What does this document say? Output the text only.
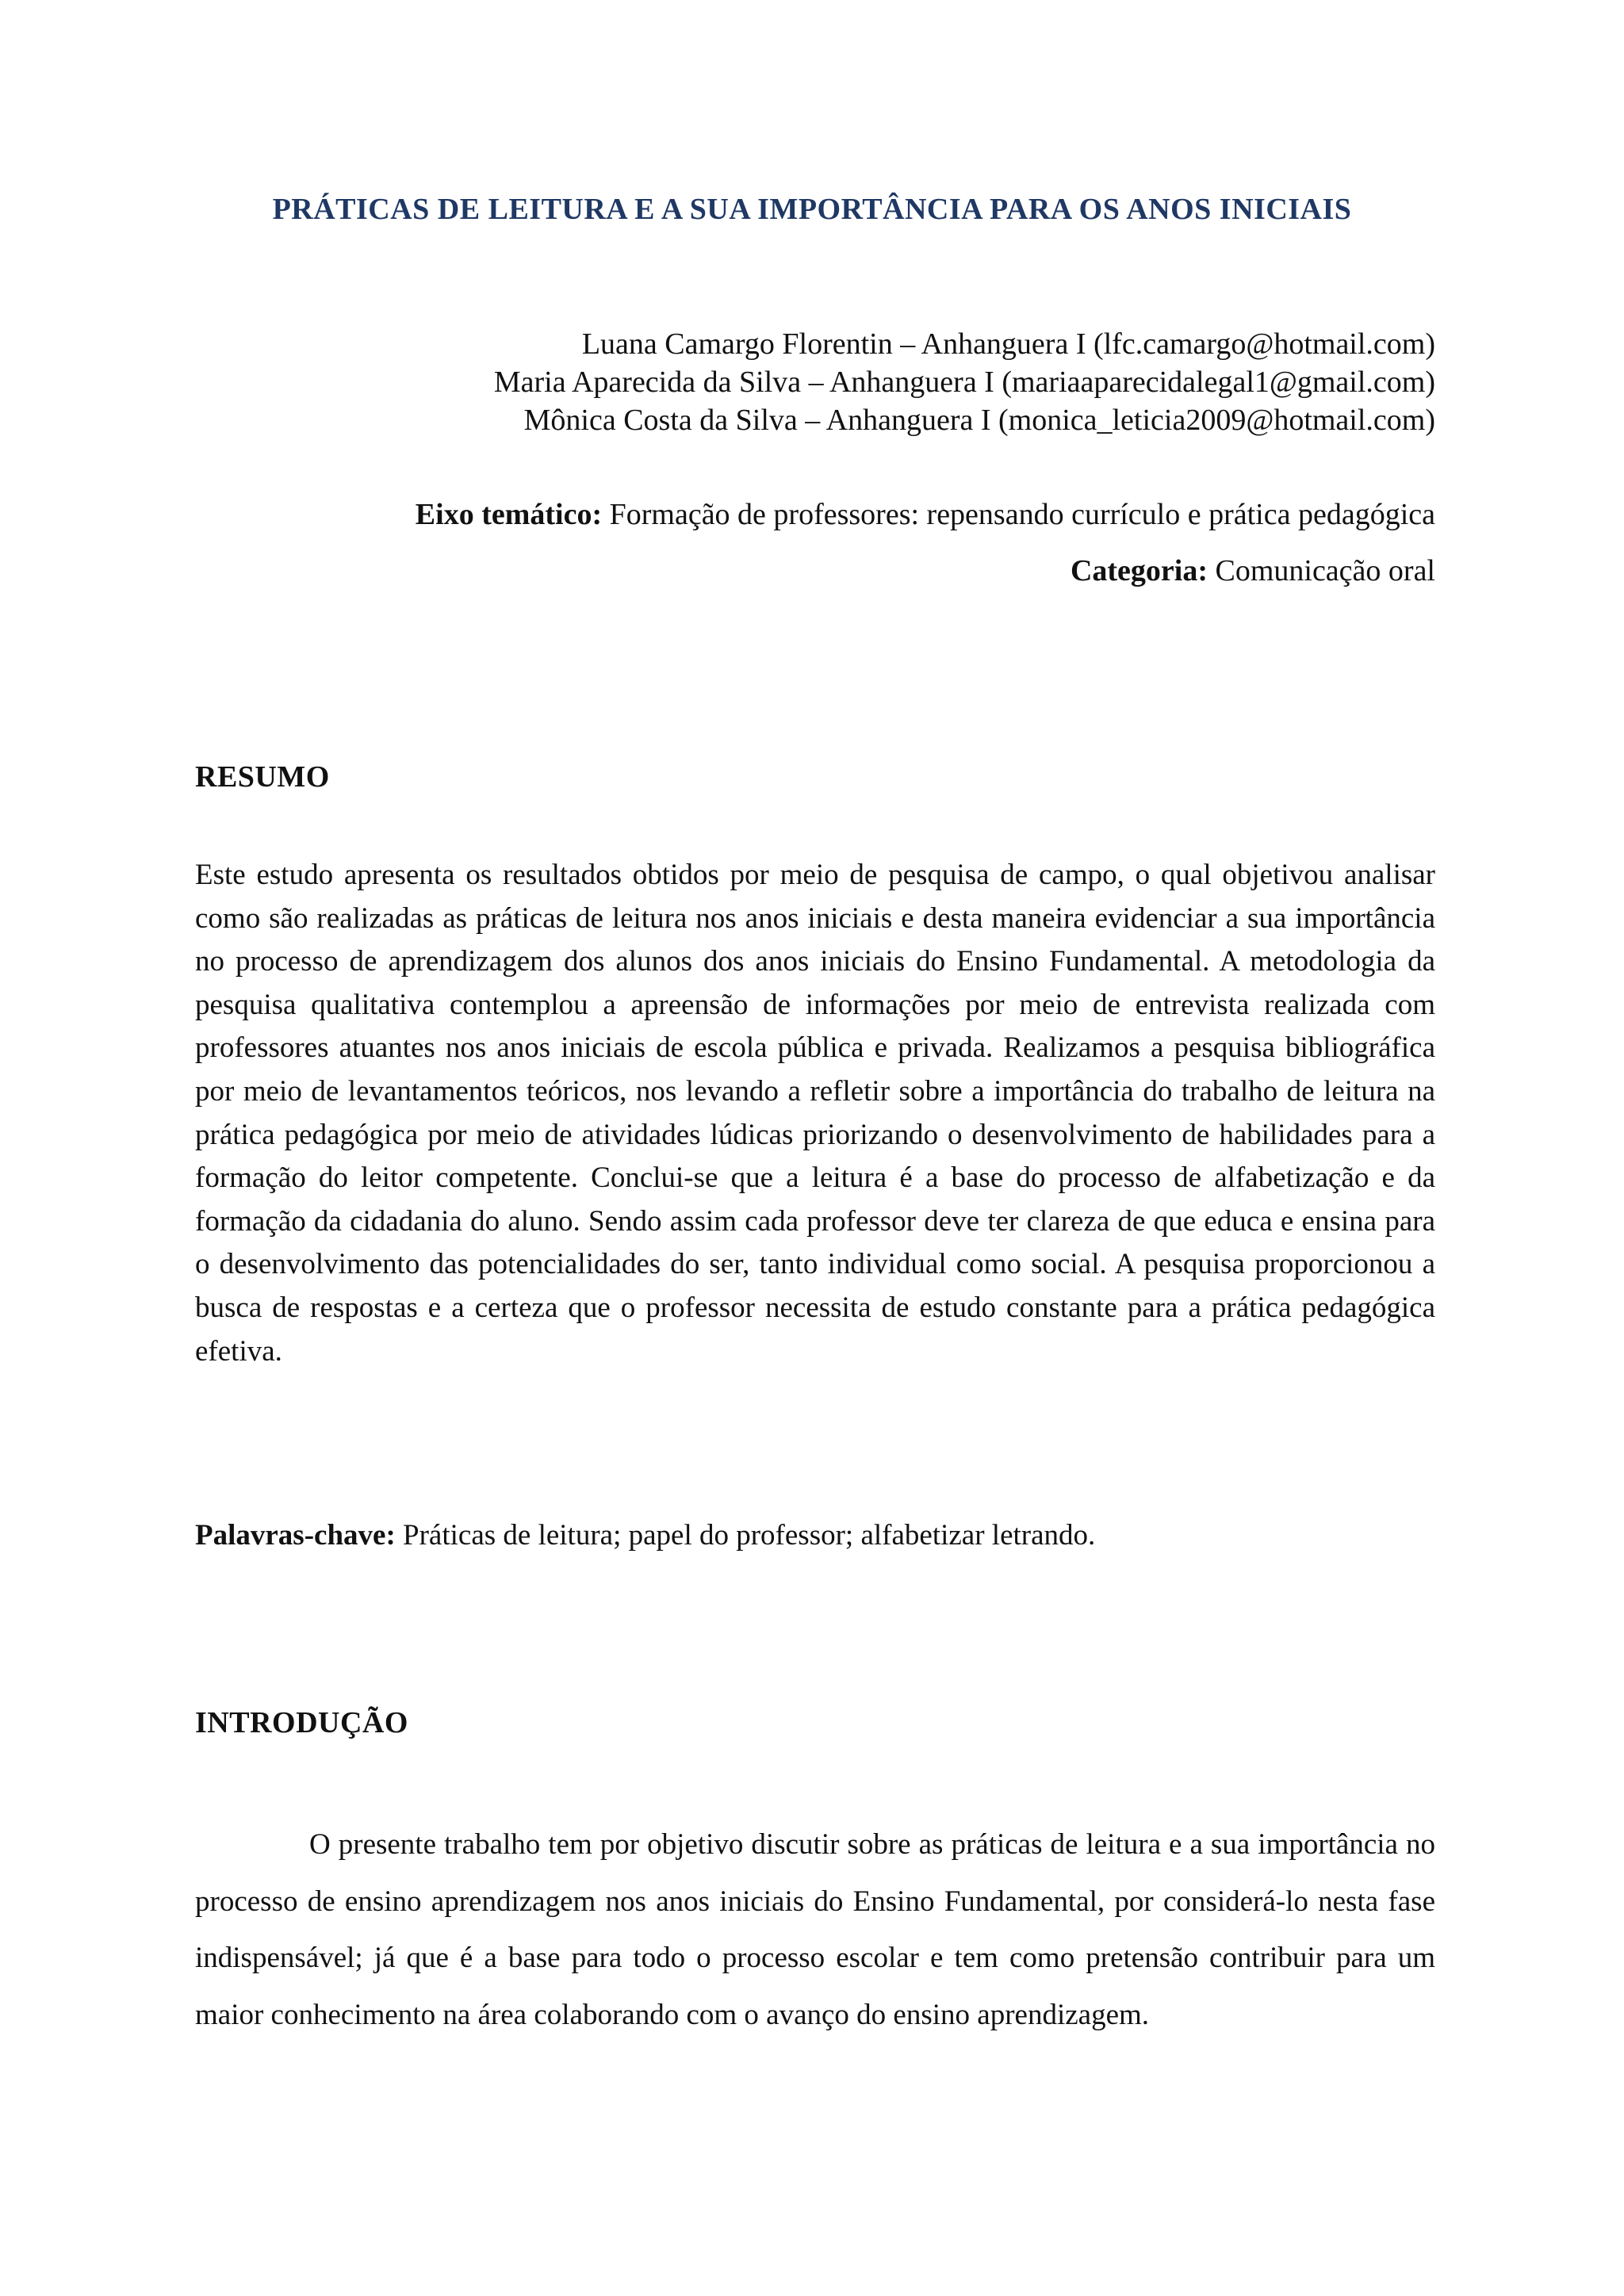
PRÁTICAS DE LEITURA E A SUA IMPORTÂNCIA PARA OS ANOS INICIAIS
Luana Camargo Florentin – Anhanguera I (lfc.camargo@hotmail.com)
Maria Aparecida da Silva – Anhanguera I (mariaaparecidalegal1@gmail.com)
Mônica Costa da Silva – Anhanguera I (monica_leticia2009@hotmail.com)
Eixo temático: Formação de professores: repensando currículo e prática pedagógica
Categoria: Comunicação oral
RESUMO

Este estudo apresenta os resultados obtidos por meio de pesquisa de campo, o qual objetivou analisar como são realizadas as práticas de leitura nos anos iniciais e desta maneira evidenciar a sua importância no processo de aprendizagem dos alunos dos anos iniciais do Ensino Fundamental. A metodologia da pesquisa qualitativa contemplou a apreensão de informações por meio de entrevista realizada com professores atuantes nos anos iniciais de escola pública e privada. Realizamos a pesquisa bibliográfica por meio de levantamentos teóricos, nos levando a refletir sobre a importância do trabalho de leitura na prática pedagógica por meio de atividades lúdicas priorizando o desenvolvimento de habilidades para a formação do leitor competente. Conclui-se que a leitura é a base do processo de alfabetização e da formação da cidadania do aluno. Sendo assim cada professor deve ter clareza de que educa e ensina para o desenvolvimento das potencialidades do ser, tanto individual como social. A pesquisa proporcionou a busca de respostas e a certeza que o professor necessita de estudo constante para a prática pedagógica efetiva.

Palavras-chave: Práticas de leitura; papel do professor; alfabetizar letrando.
INTRODUÇÃO

O presente trabalho tem por objetivo discutir sobre as práticas de leitura e a sua importância no processo de ensino aprendizagem nos anos iniciais do Ensino Fundamental, por considerá-lo nesta fase indispensável; já que é a base para todo o processo escolar e tem como pretensão contribuir para um maior conhecimento na área colaborando com o avanço do ensino aprendizagem.
